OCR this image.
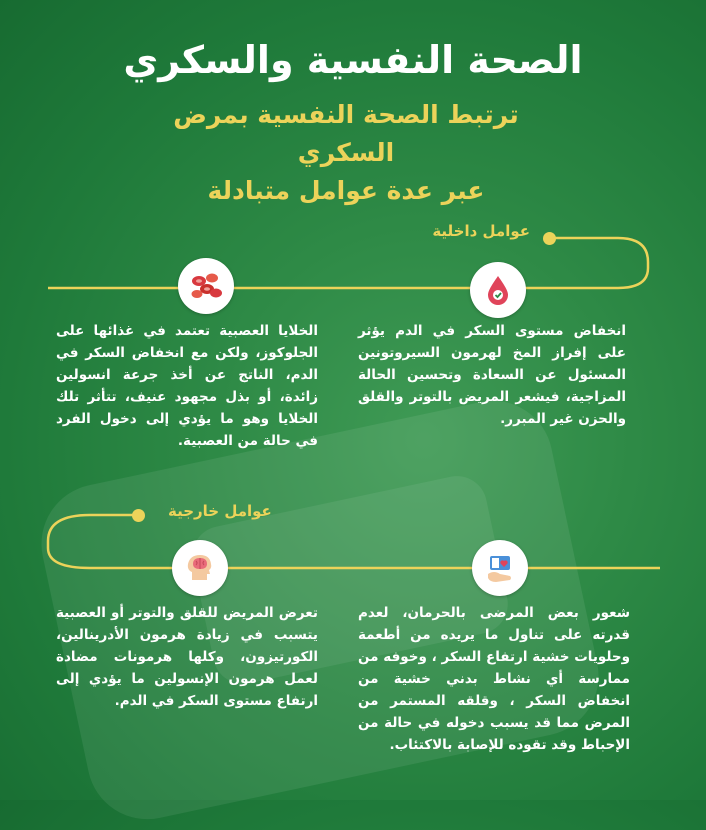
الصحة النفسية والسكري
ترتبط الصحة النفسية بمرض السكري
عبر عدة عوامل متبادلة
عوامل داخلية
عوامل خارجية
انخفاض مستوى السكر في الدم يؤثر على إفراز المخ لهرمون السيروتونين المسئول عن السعادة وتحسين الحالة المزاجية، فيشعر المريض بالتوتر والقلق والحزن غير المبرر.
الخلايا العصبية تعتمد في غذائها على الجلوكوز، ولكن مع انخفاض السكر في الدم، الناتج عن أخذ جرعة انسولين زائدة، أو بذل مجهود عنيف، تتأثر تلك الخلايا وهو ما يؤدي إلى دخول الفرد في حالة من العصبية.
شعور بعض المرضى بالحرمان، لعدم قدرته على تناول ما يريده من أطعمة وحلويات خشية ارتفاع السكر ، وخوفه من ممارسة أي نشاط بدني خشية من انخفاض السكر ، وقلقه المستمر من المرض مما قد يسبب دخوله في حالة من الإحباط وقد تقوده للإصابة بالاكتئاب.
تعرض المريض للقلق والتوتر أو العصبية يتسبب في زيادة هرمون الأدرينالين، الكورتيزون، وكلها هرمونات مضادة لعمل هرمون الإنسولين ما يؤدي إلى ارتفاع مستوى السكر في الدم.
